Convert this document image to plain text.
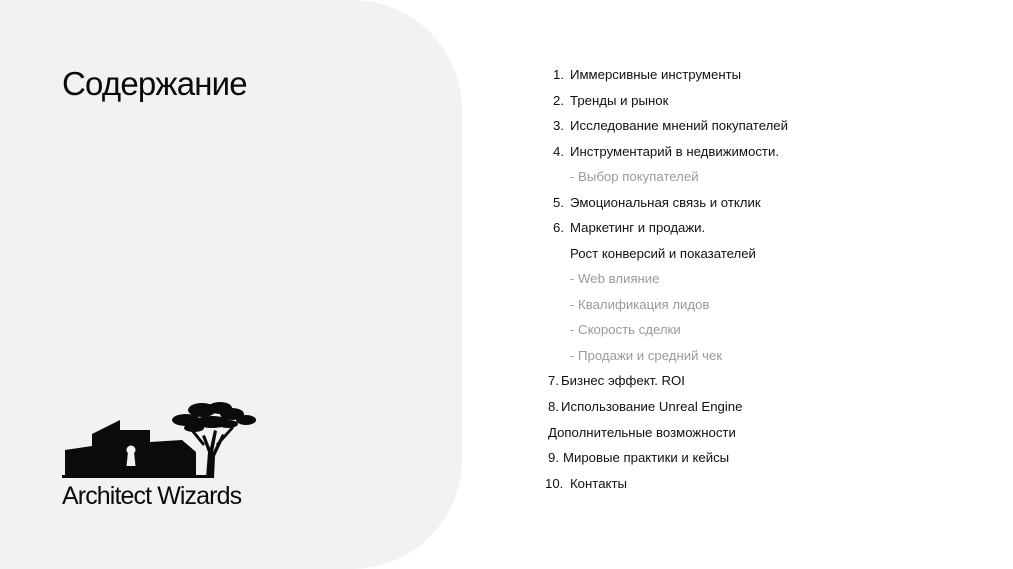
Содержание
Architect Wizards
1. Иммерсивные инструменты
2. Тренды и рынок
3. Исследование мнений покупателей
4. Инструментарий в недвижимости.
- Выбор покупателей
5. Эмоциональная связь и отклик
6. Маркетинг и продажи.
Рост конверсий и показателей
- Web влияние
- Квалификация лидов
- Скорость сделки
- Продажи и средний чек
7. Бизнес эффект. ROI
8. Использование Unreal Engine
Дополнительные возможности
9. Мировые практики и кейсы
10. Контакты
